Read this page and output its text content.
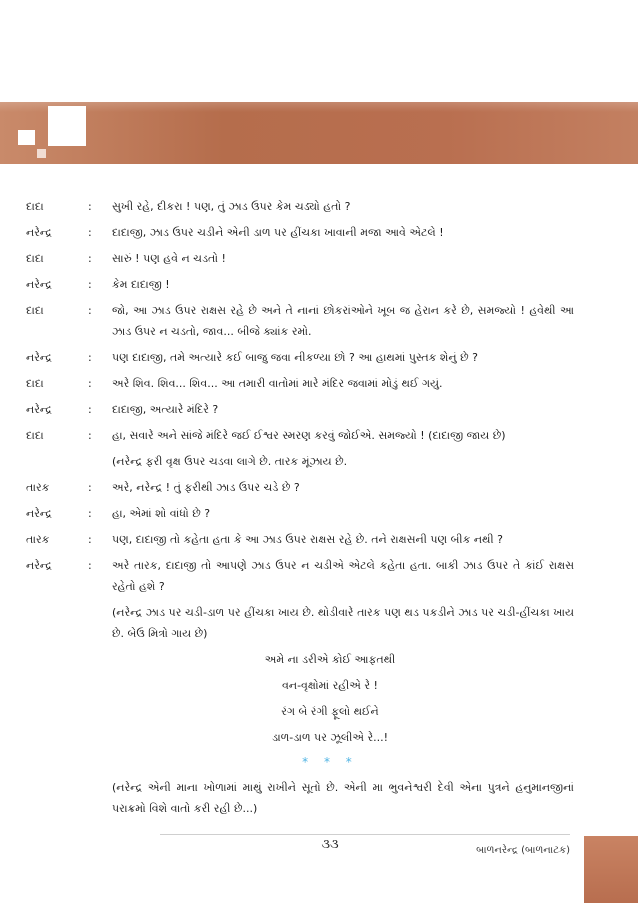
દાદા	:	સુખી રહે, દીકરા ! પણ, તું ઝાડ ઉપર કેમ ચડ્યો હતો ?
નરેન્દ્ર	:	દાદાજી, ઝાડ ઉપર ચડીને એની ડાળ પર હીંચકા ખાવાની મજા આવે એટલે !
દાદા	:	સારું ! પણ હવે ન ચડતો !
નરેન્દ્ર	:	કેમ દાદાજી !
દાદા	:	જો, આ ઝાડ ઉપર રાક્ષસ રહે છે અને તે નાનાં છોકરાંઓને ખૂબ જ હેરાન કરે છે, સમજ્યો ! હવેથી આ ઝાડ ઉપર ન ચડતો, જાવ... બીજે ક્યાંક રમો.
નરેન્દ્ર	:	પણ દાદાજી, તમે અત્યારે કઈ બાજુ જવા નીકળ્યા છો ? આ હાથમાં પુસ્તક શેનું છે ?
દાદા	:	અરે શિવ. શિવ... શિવ... આ તમારી વાતોમાં મારે મંદિર જવામાં મોડું થઈ ગયું.
નરેન્દ્ર	:	દાદાજી, અત્યારે મંદિરે ?
દાદા	:	હા, સવારે અને સાંજે મંદિરે જઈ ઈશ્વર સ્મરણ કરવું જોઈએ. સમજ્યો ! (દાદાજી જાય છે)
(નરેન્દ્ર ફરી વૃક્ષ ઉપર ચડવા લાગે છે. તારક મૂંઝાય છે.
તારક	:	અરે, નરેન્દ્ર ! તું ફરીથી ઝાડ ઉપર ચડે છે ?
નરેન્દ્ર	:	હા, એમાં શો વાંધો છે ?
તારક	:	પણ, દાદાજી તો કહેતા હતા કે આ ઝાડ ઉપર રાક્ષસ રહે છે. તને રાક્ષસની પણ બીક નથી ?
નરેન્દ્ર	:	અરે તારક, દાદાજી તો આપણે ઝાડ ઉપર ન ચડીએ એટલે કહેતા હતા. બાકી ઝાડ ઉપર તે કાંઈ રાક્ષસ રહેતો હશે ?
(નરેન્દ્ર ઝાડ પર ચડી-ડાળ પર હીંચકા ખાય છે. થોડીવારે તારક પણ થડ પકડીને ઝાડ પર ચડી-હીંચકા ખાય છે. બેઉ મિત્રો ગાય છે)
અમે ના ડરીએ કોઈ આફતથી
વન-વૃક્ષોમાં રહીએ રે !
રંગ બે રંગી ફૂલો થઈને
ડાળ-ડાળ પર ઝૂલીએ રે...!
* * *
(નરેન્દ્ર એની માના ખોળામાં માથું રાખીને સૂતો છે. એની મા ભુવનેશ્વરી દેવી એના પુત્રને હનુમાનજીનાં પરાક્રમો વિશે વાતો કરી રહી છે...)
૩૩	બાળનરેન્દ્ર (બાળનાટક)
